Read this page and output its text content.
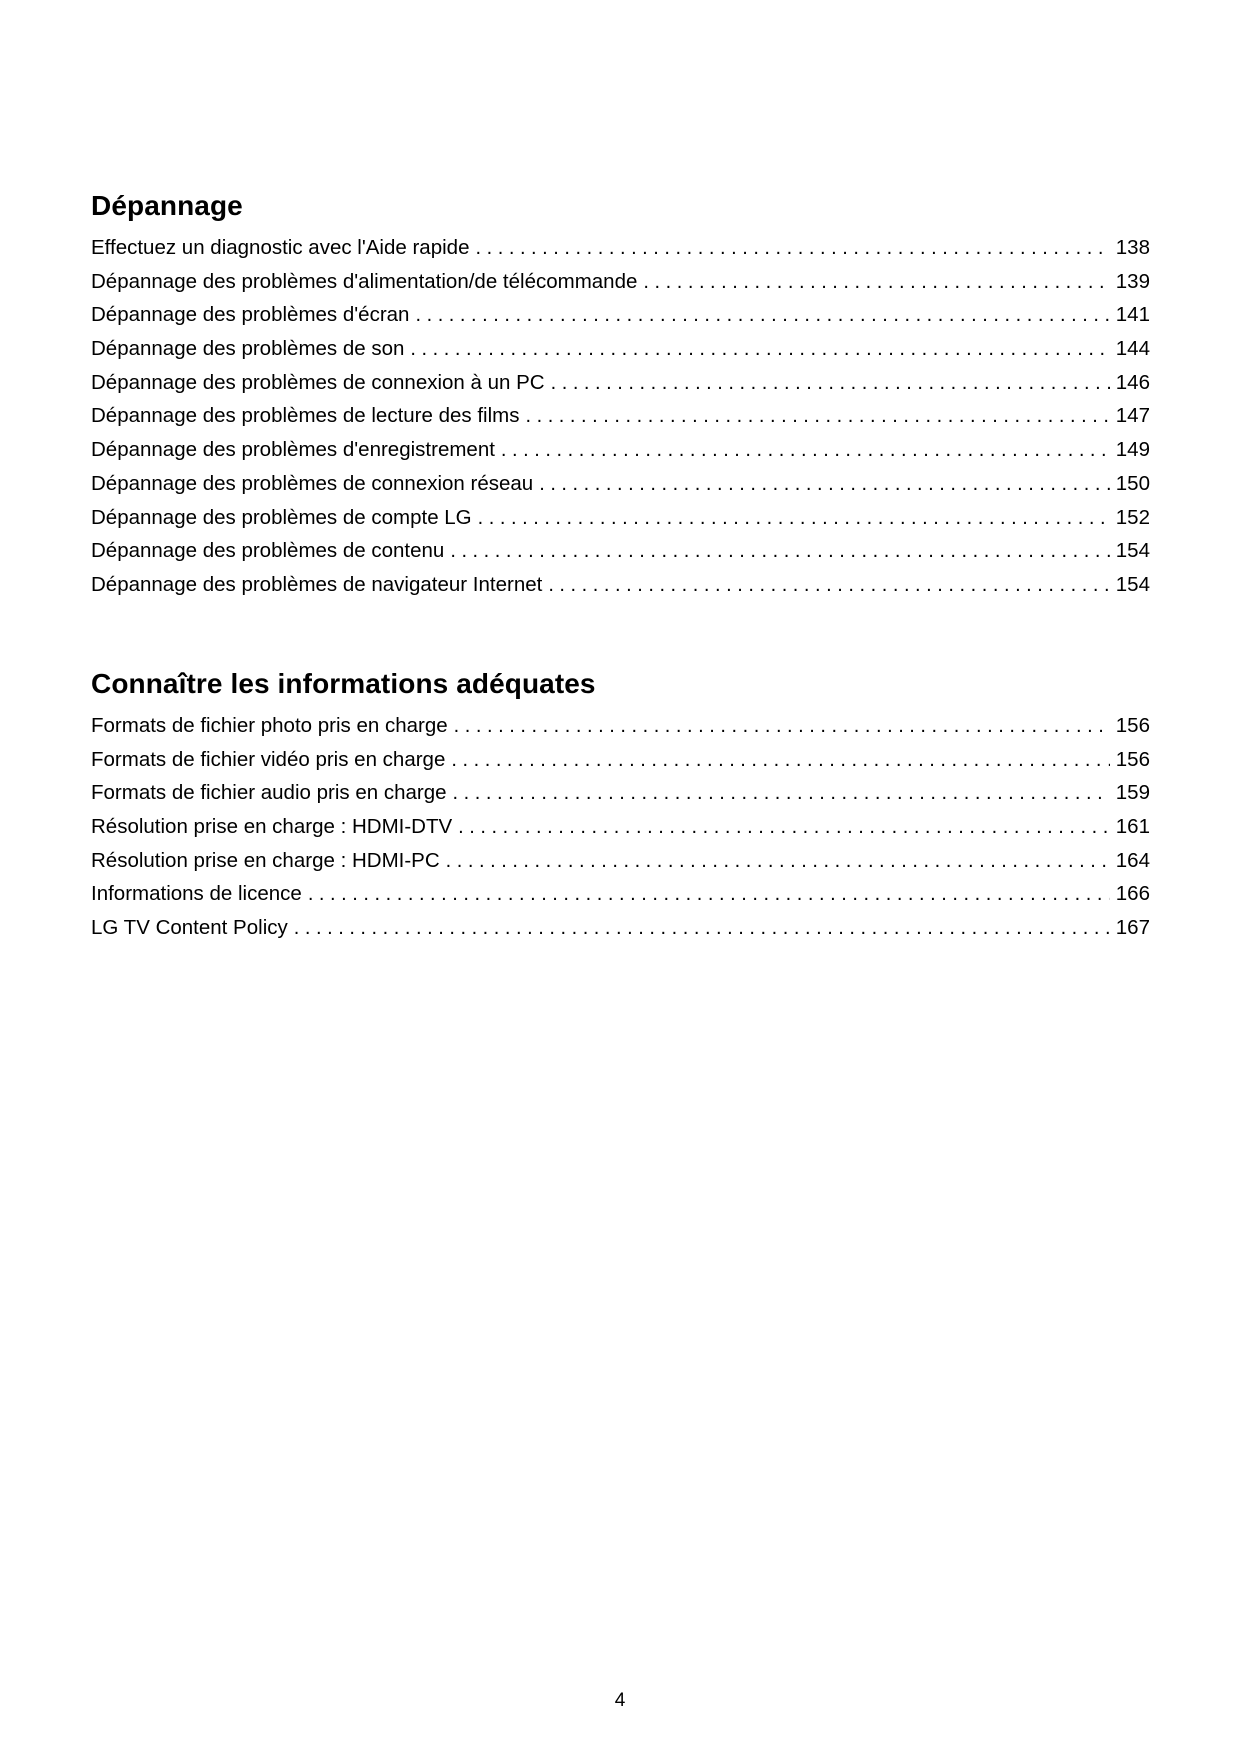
Dépannage
Effectuez un diagnostic avec l'Aide rapide . . .	138
Dépannage des problèmes d'alimentation/de télécommande . . .	139
Dépannage des problèmes d'écran . . .	141
Dépannage des problèmes de son . . .	144
Dépannage des problèmes de connexion à un PC . . .	146
Dépannage des problèmes de lecture des films . . .	147
Dépannage des problèmes d'enregistrement . . .	149
Dépannage des problèmes de connexion réseau . . .	150
Dépannage des problèmes de compte LG . . .	152
Dépannage des problèmes de contenu . . .	154
Dépannage des problèmes de navigateur Internet . . .	154
Connaître les informations adéquates
Formats de fichier photo pris en charge . . .	156
Formats de fichier vidéo pris en charge . . .	156
Formats de fichier audio pris en charge . . .	159
Résolution prise en charge : HDMI-DTV . . .	161
Résolution prise en charge : HDMI-PC . . .	164
Informations de licence . . .	166
LG TV Content Policy . . .	167
4
